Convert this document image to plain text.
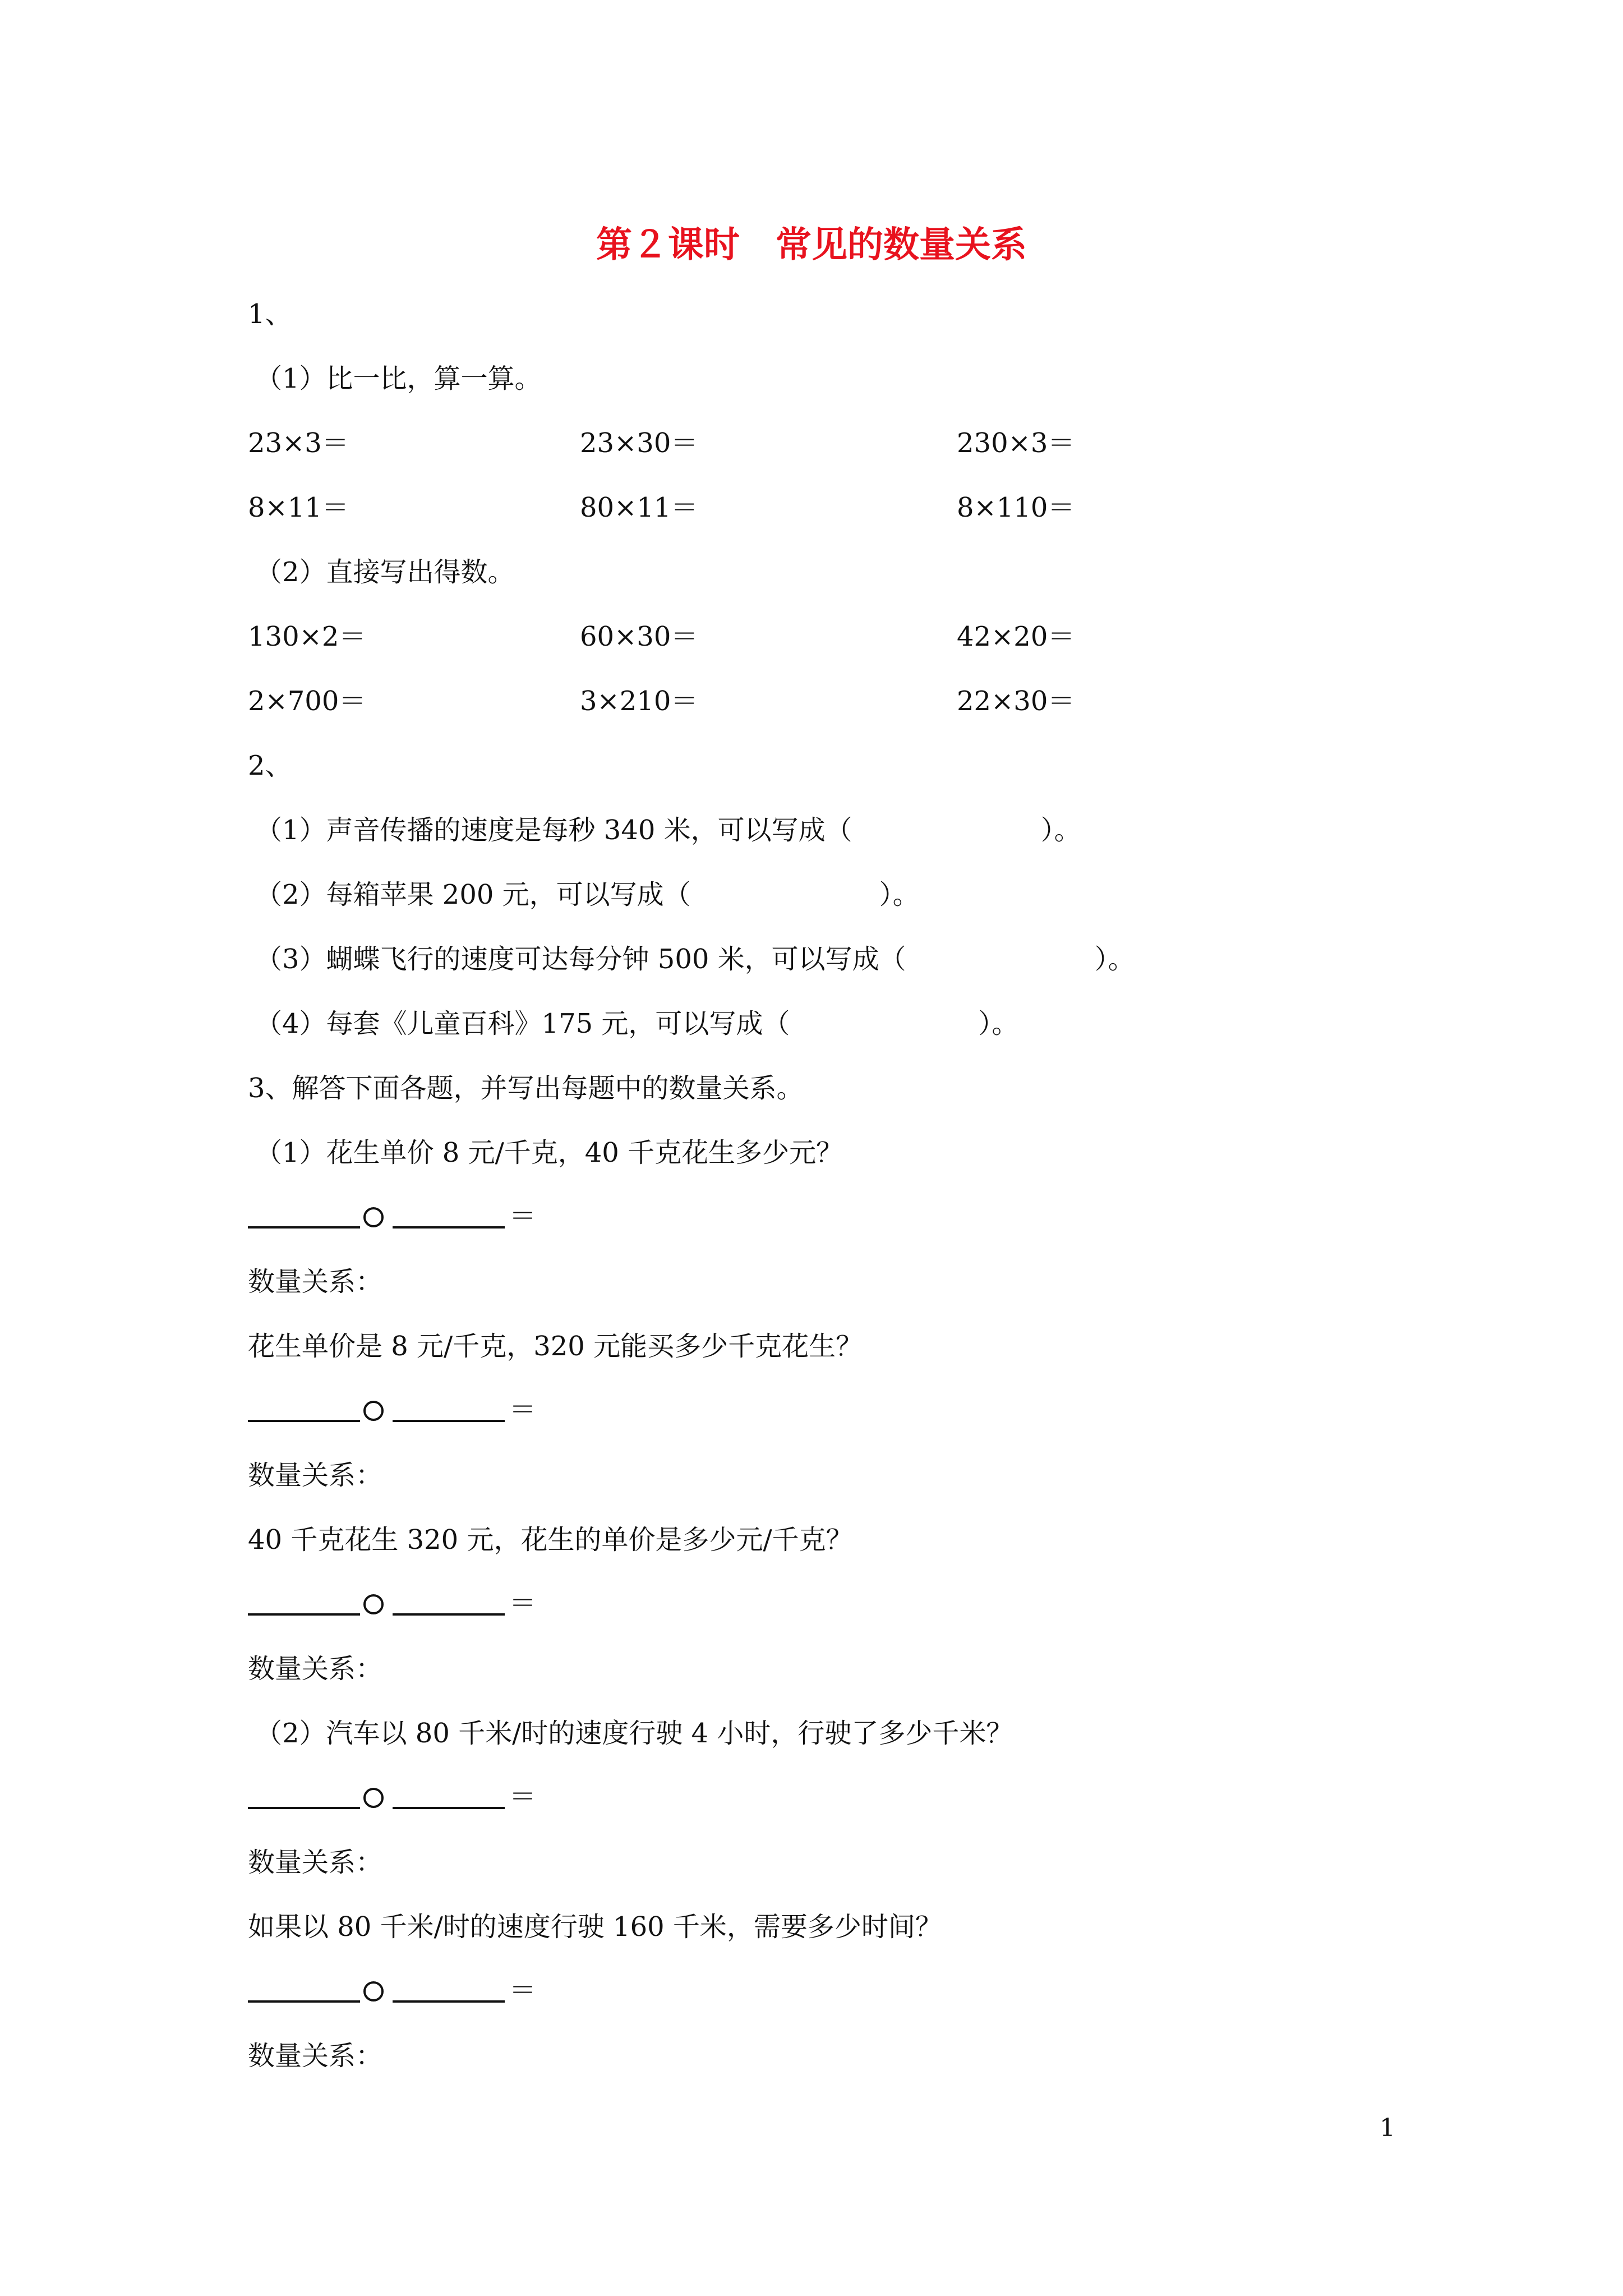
第２课时　常见的数量关系
1、
（1）比一比，算一算。
23×3＝	23×30＝	230×3＝
8×11＝	80×11＝	8×110＝
（2）直接写出得数。
130×2＝	60×30＝	42×20＝
2×700＝	3×210＝	22×30＝
2、
（1）声音传播的速度是每秒 340 米，可以写成（　　　　　　　）。
（2）每箱苹果 200 元，可以写成（　　　　　　　）。
（3）蝴蝶飞行的速度可达每分钟 500 米，可以写成（　　　　　　　）。
（4）每套《儿童百科》175 元，可以写成（　　　　　　　）。
3、解答下面各题，并写出每题中的数量关系。
（1）花生单价 8 元/千克，40 千克花生多少元？
＝
数量关系：
花生单价是 8 元/千克，320 元能买多少千克花生？
＝
数量关系：
40 千克花生 320 元，花生的单价是多少元/千克？
＝
数量关系：
（2）汽车以 80 千米/时的速度行驶 4 小时，行驶了多少千米？
＝
数量关系：
如果以 80 千米/时的速度行驶 160 千米，需要多少时间？
＝
数量关系：
1
